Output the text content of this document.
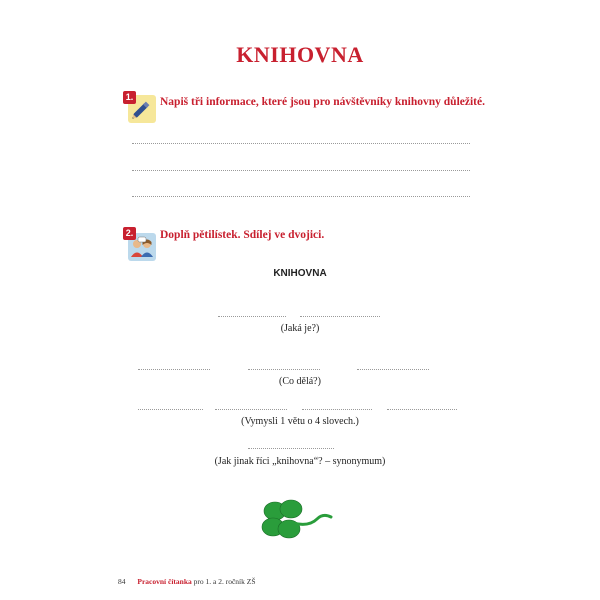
KNIHOVNA
1. Napiš tři informace, které jsou pro návštěvníky knihovny důležité.
2. Doplň pětilístek. Sdílej ve dvojici.
KNIHOVNA
(Jaká je?)
(Co dělá?)
(Vymysli 1 větu o 4 slovech.)
(Jak jinak říci „knihovna“? – synonymum)
84 Pracovní čítanka pro 1. a 2. ročník ZŠ
